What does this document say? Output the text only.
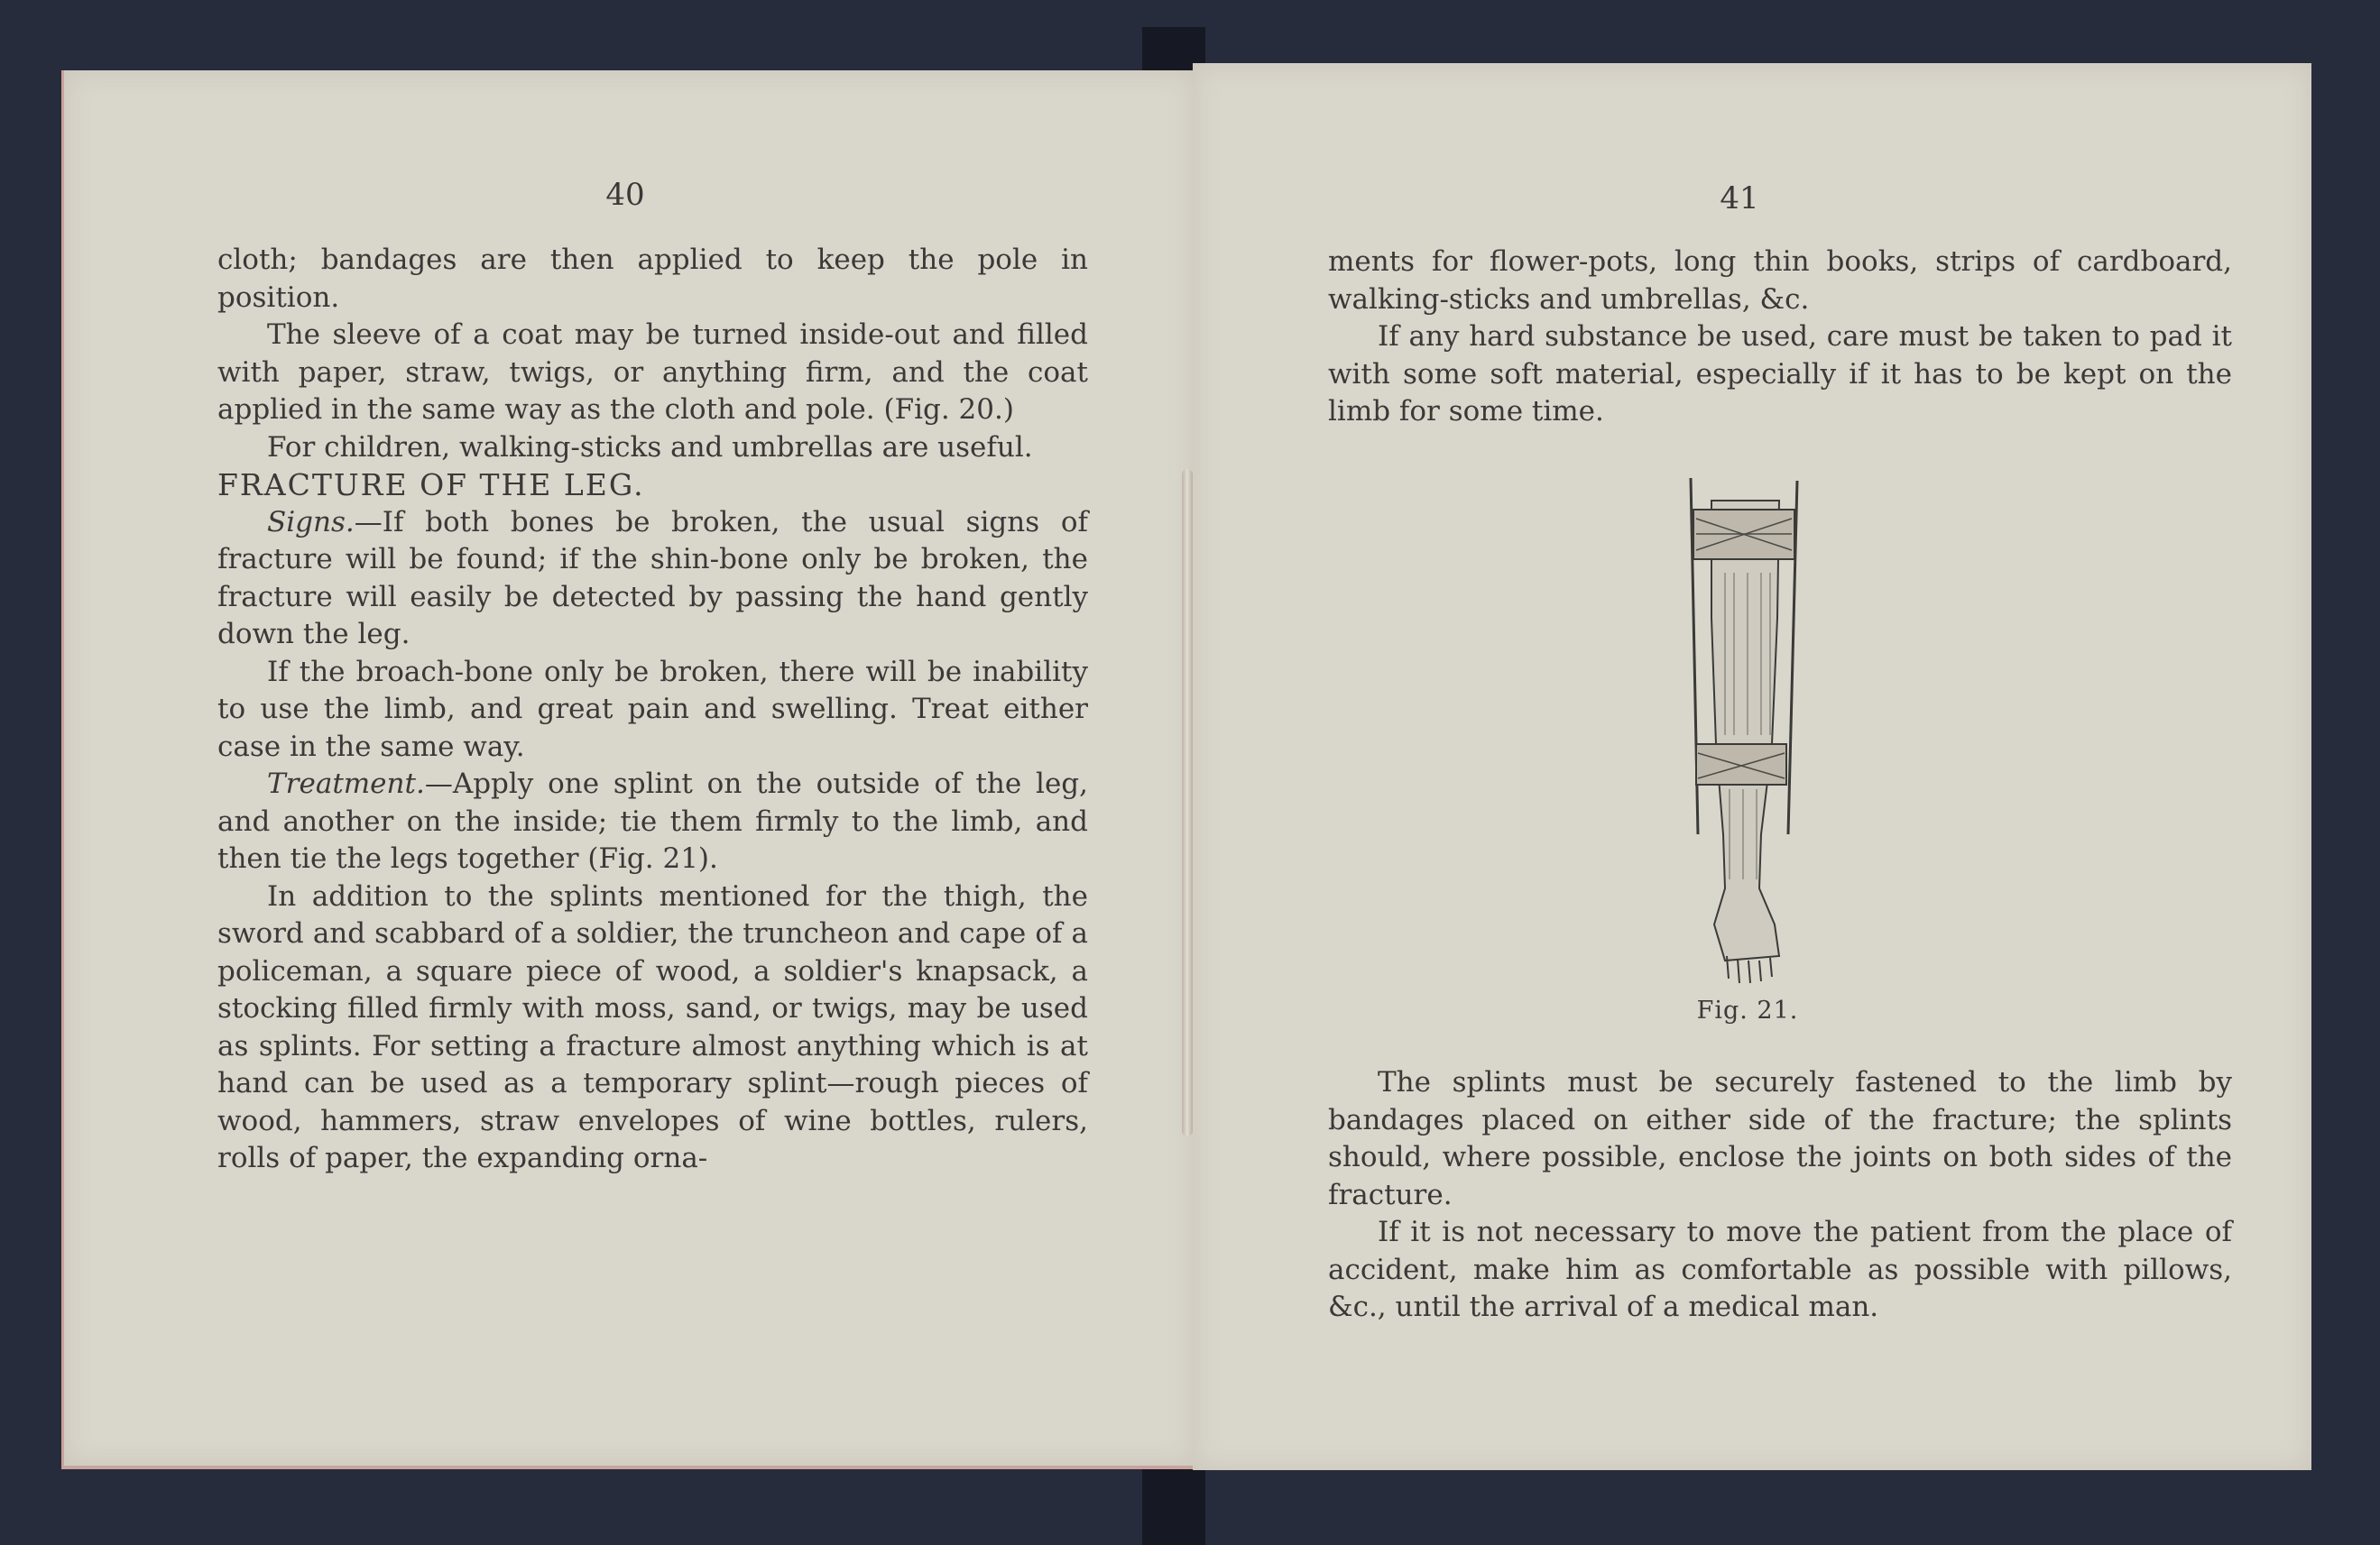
40

cloth; bandages are then applied to keep the pole in position.

The sleeve of a coat may be turned inside-out and filled with paper, straw, twigs, or anything firm, and the coat applied in the same way as the cloth and pole. (Fig. 20.)

For children, walking-sticks and umbrellas are useful.

FRACTURE OF THE LEG.

Signs.—If both bones be broken, the usual signs of fracture will be found; if the shin-bone only be broken, the fracture will easily be detected by passing the hand gently down the leg.

If the broach-bone only be broken, there will be inability to use the limb, and great pain and swelling. Treat either case in the same way.

Treatment.—Apply one splint on the outside of the leg, and another on the inside; tie them firmly to the limb, and then tie the legs together (Fig. 21).

In addition to the splints mentioned for the thigh, the sword and scabbard of a soldier, the truncheon and cape of a policeman, a square piece of wood, a soldier's knapsack, a stocking filled firmly with moss, sand, or twigs, may be used as splints. For setting a fracture almost anything which is at hand can be used as a temporary splint—rough pieces of wood, hammers, straw envelopes of wine bottles, rulers, rolls of paper, the expanding orna-

41

ments for flower-pots, long thin books, strips of cardboard, walking-sticks and umbrellas, &c.

If any hard substance be used, care must be taken to pad it with some soft material, especially if it has to be kept on the limb for some time.

Fig. 21.

The splints must be securely fastened to the limb by bandages placed on either side of the fracture; the splints should, where possible, enclose the joints on both sides of the fracture.

If it is not necessary to move the patient from the place of accident, make him as comfortable as possible with pillows, &c., until the arrival of a medical man.
